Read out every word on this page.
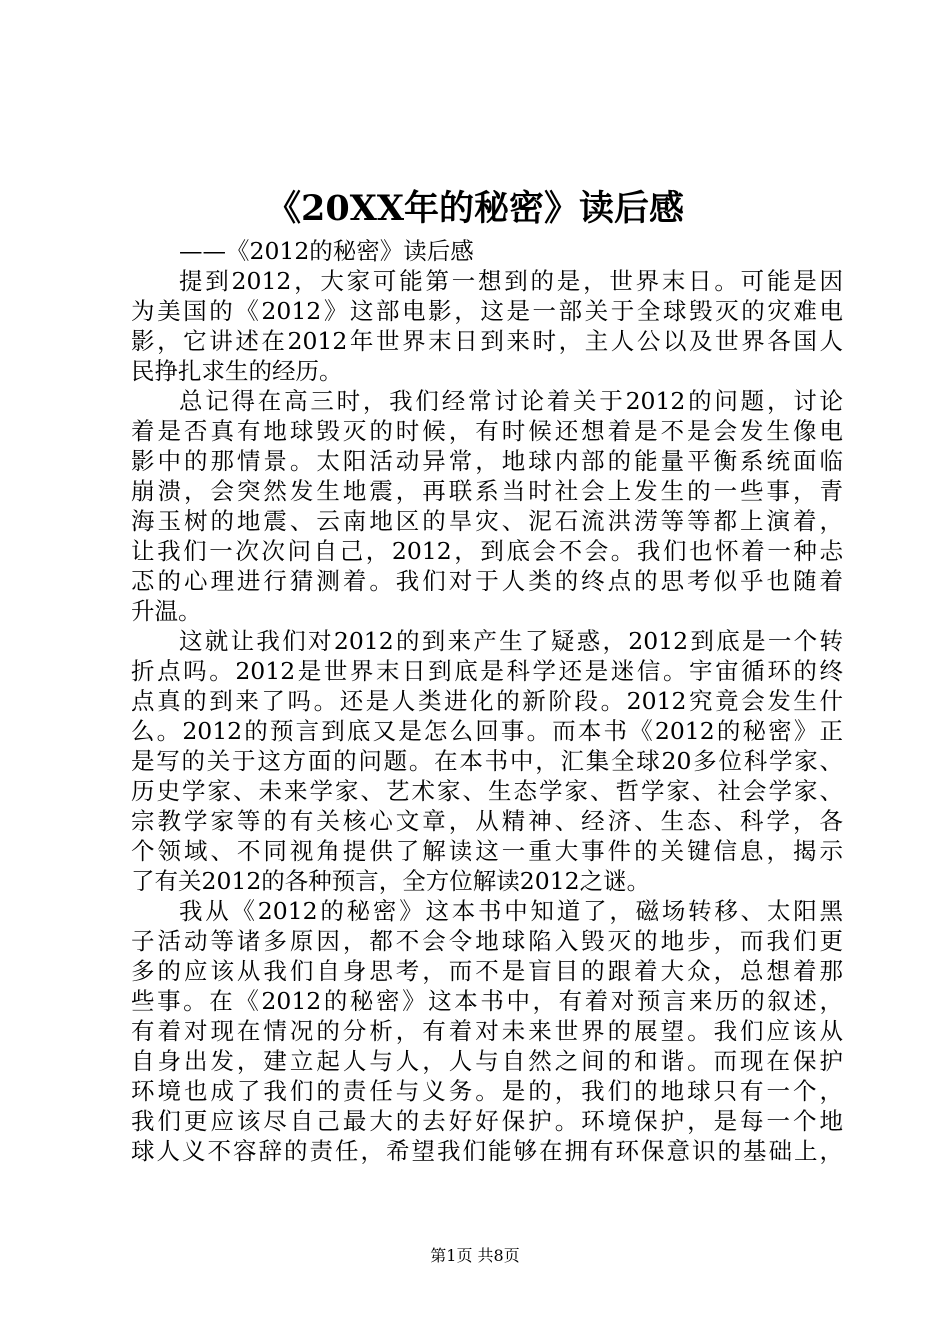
《20XX年的秘密》读后感
——《2012的秘密》读后感
提到2012，大家可能第一想到的是，世界末日。可能是因
为美国的《2012》这部电影，这是一部关于全球毁灭的灾难电
影，它讲述在2012年世界末日到来时，主人公以及世界各国人
民挣扎求生的经历。
总记得在高三时，我们经常讨论着关于2012的问题，讨论
着是否真有地球毁灭的时候，有时候还想着是不是会发生像电
影中的那情景。太阳活动异常，地球内部的能量平衡系统面临
崩溃，会突然发生地震，再联系当时社会上发生的一些事，青
海玉树的地震、云南地区的旱灾、泥石流洪涝等等都上演着，
让我们一次次问自己，2012，到底会不会。我们也怀着一种忐
忑的心理进行猜测着。我们对于人类的终点的思考似乎也随着
升温。
这就让我们对2012的到来产生了疑惑，2012到底是一个转
折点吗。2012是世界末日到底是科学还是迷信。宇宙循环的终
点真的到来了吗。还是人类进化的新阶段。2012究竟会发生什
么。2012的预言到底又是怎么回事。而本书《2012的秘密》正
是写的关于这方面的问题。在本书中，汇集全球20多位科学家、
历史学家、未来学家、艺术家、生态学家、哲学家、社会学家、
宗教学家等的有关核心文章，从精神、经济、生态、科学，各
个领域、不同视角提供了解读这一重大事件的关键信息，揭示
了有关2012的各种预言，全方位解读2012之谜。
我从《2012的秘密》这本书中知道了，磁场转移、太阳黑
子活动等诸多原因，都不会令地球陷入毁灭的地步，而我们更
多的应该从我们自身思考，而不是盲目的跟着大众，总想着那
些事。在《2012的秘密》这本书中，有着对预言来历的叙述，
有着对现在情况的分析，有着对未来世界的展望。我们应该从
自身出发，建立起人与人，人与自然之间的和谐。而现在保护
环境也成了我们的责任与义务。是的，我们的地球只有一个，
我们更应该尽自己最大的去好好保护。环境保护，是每一个地
球人义不容辞的责任，希望我们能够在拥有环保意识的基础上，
第1页 共8页
